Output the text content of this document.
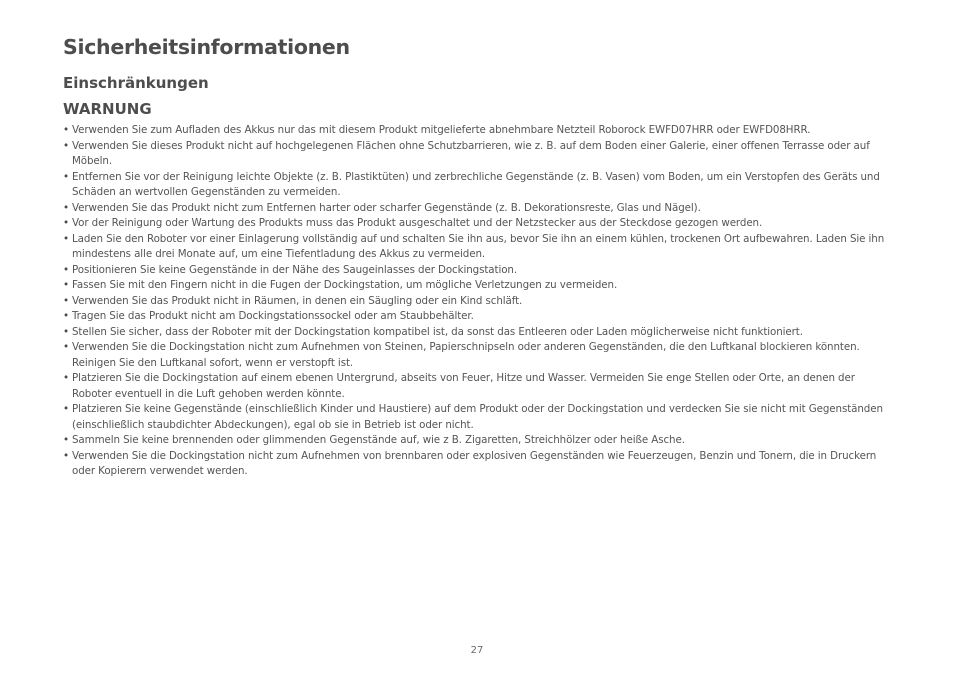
Sicherheitsinformationen
Einschränkungen
WARNUNG
• Verwenden Sie zum Aufladen des Akkus nur das mit diesem Produkt mitgelieferte abnehmbare Netzteil Roborock EWFD07HRR oder EWFD08HRR.
• Verwenden Sie dieses Produkt nicht auf hochgelegenen Flächen ohne Schutzbarrieren, wie z. B. auf dem Boden einer Galerie, einer offenen Terrasse oder auf Möbeln.
• Entfernen Sie vor der Reinigung leichte Objekte (z. B. Plastiktüten) und zerbrechliche Gegenstände (z. B. Vasen) vom Boden, um ein Verstopfen des Geräts und Schäden an wertvollen Gegenständen zu vermeiden.
• Verwenden Sie das Produkt nicht zum Entfernen harter oder scharfer Gegenstände (z. B. Dekorationsreste, Glas und Nägel).
• Vor der Reinigung oder Wartung des Produkts muss das Produkt ausgeschaltet und der Netzstecker aus der Steckdose gezogen werden.
• Laden Sie den Roboter vor einer Einlagerung vollständig auf und schalten Sie ihn aus, bevor Sie ihn an einem kühlen, trockenen Ort aufbewahren. Laden Sie ihn mindestens alle drei Monate auf, um eine Tiefentladung des Akkus zu vermeiden.
• Positionieren Sie keine Gegenstände in der Nähe des Saugeinlasses der Dockingstation.
• Fassen Sie mit den Fingern nicht in die Fugen der Dockingstation, um mögliche Verletzungen zu vermeiden.
• Verwenden Sie das Produkt nicht in Räumen, in denen ein Säugling oder ein Kind schläft.
• Tragen Sie das Produkt nicht am Dockingstationssockel oder am Staubbehälter.
• Stellen Sie sicher, dass der Roboter mit der Dockingstation kompatibel ist, da sonst das Entleeren oder Laden möglicherweise nicht funktioniert.
• Verwenden Sie die Dockingstation nicht zum Aufnehmen von Steinen, Papierschnipseln oder anderen Gegenständen, die den Luftkanal blockieren könnten. Reinigen Sie den Luftkanal sofort, wenn er verstopft ist.
• Platzieren Sie die Dockingstation auf einem ebenen Untergrund, abseits von Feuer, Hitze und Wasser. Vermeiden Sie enge Stellen oder Orte, an denen der Roboter eventuell in die Luft gehoben werden könnte.
• Platzieren Sie keine Gegenstände (einschließlich Kinder und Haustiere) auf dem Produkt oder der Dockingstation und verdecken Sie sie nicht mit Gegenständen (einschließlich staubdichter Abdeckungen), egal ob sie in Betrieb ist oder nicht.
• Sammeln Sie keine brennenden oder glimmenden Gegenstände auf, wie z B. Zigaretten, Streichhölzer oder heiße Asche.
• Verwenden Sie die Dockingstation nicht zum Aufnehmen von brennbaren oder explosiven Gegenständen wie Feuerzeugen, Benzin und Tonern, die in Druckern oder Kopierern verwendet werden.
27
